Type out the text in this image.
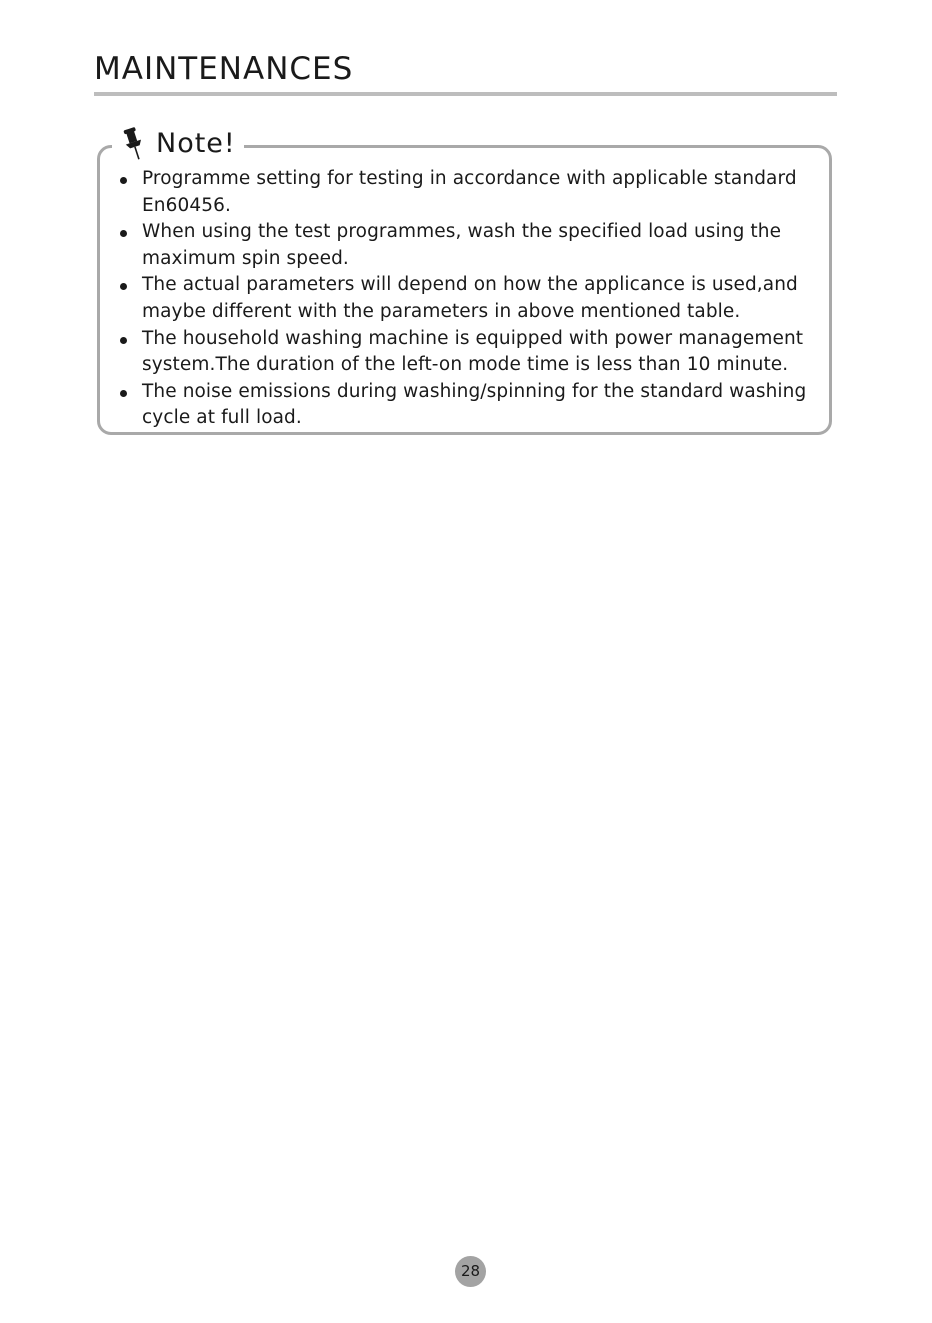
MAINTENANCES
Note!
Programme setting for testing in accordance with applicable standard En60456.
When using the test programmes, wash the specified load using the maximum spin speed.
The actual parameters will depend on how the applicance is used,and maybe different with the parameters in above mentioned table.
The household washing machine is equipped with power management system.The duration of the left-on mode time is less than 10 minute.
The noise emissions during washing/spinning for the standard washing cycle at full load.
28
